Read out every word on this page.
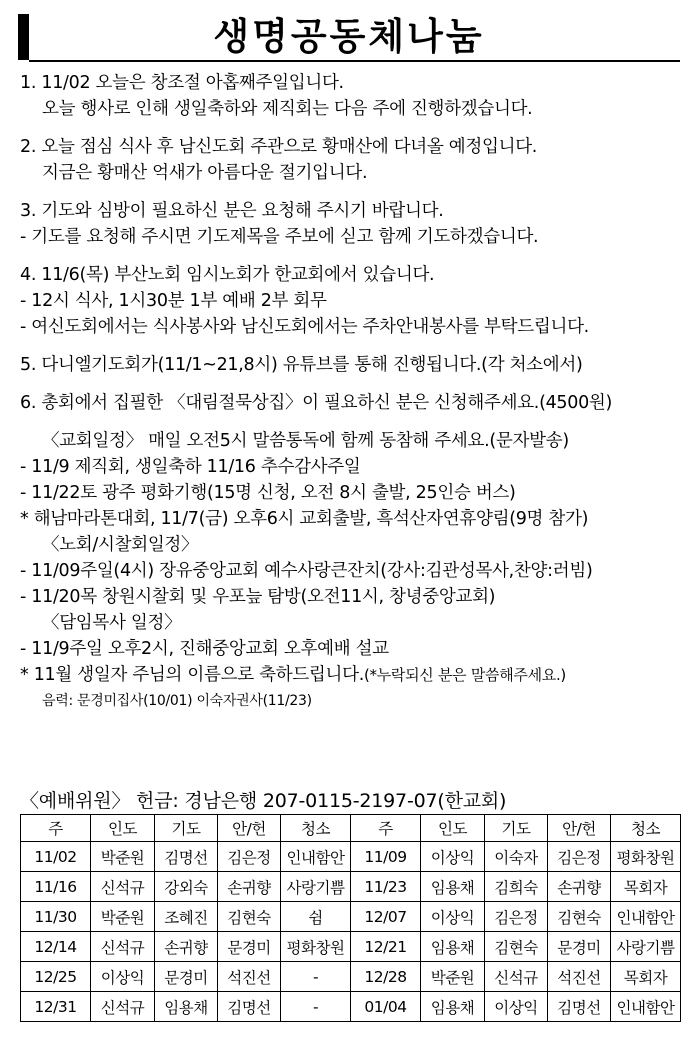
생명공동체나눔
1. 11/02 오늘은 창조절 아홉째주일입니다.
오늘 행사로 인해 생일축하와 제직회는 다음 주에 진행하겠습니다.
2. 오늘 점심 식사 후 남신도회 주관으로 황매산에 다녀올 예정입니다.
지금은 황매산 억새가 아름다운 절기입니다.
3. 기도와 심방이 필요하신 분은 요청해 주시기 바랍니다.
- 기도를 요청해 주시면 기도제목을 주보에 싣고 함께 기도하겠습니다.
4. 11/6(목) 부산노회 임시노회가 한교회에서 있습니다.
- 12시 식사, 1시30분 1부 예배 2부 회무
- 여신도회에서는 식사봉사와 남신도회에서는 주차안내봉사를 부탁드립니다.
5. 다니엘기도회가(11/1~21,8시) 유튜브를 통해 진행됩니다.(각 처소에서)
6. 총회에서 집필한 〈대림절묵상집〉이 필요하신 분은 신청해주세요.(4500원)
〈교회일정〉 매일 오전5시 말씀통독에 함께 동참해 주세요.(문자발송)
- 11/9 제직회, 생일축하 11/16 추수감사주일
- 11/22토 광주 평화기행(15명 신청, 오전 8시 출발, 25인승 버스)
* 해남마라톤대회, 11/7(금) 오후6시 교회출발, 흑석산자연휴양림(9명 참가)
〈노회/시찰회일정〉
- 11/09주일(4시) 장유중앙교회 예수사랑큰잔치(강사:김관성목사,찬양:러빔)
- 11/20목 창원시찰회 및 우포늪 탐방(오전11시, 창녕중앙교회)
〈담임목사 일정〉
- 11/9주일 오후2시, 진해중앙교회 오후예배 설교
* 11월 생일자 주님의 이름으로 축하드립니다.(*누락되신 분은 말씀해주세요.)
음력: 문경미집사(10/01) 이숙자권사(11/23)
〈예배위원〉 헌금: 경남은행 207-0115-2197-07(한교회)
주	인도	기도	안/헌	청소	주	인도	기도	안/헌	청소
11/02	박준원	김명선	김은정	인내함안	11/09	이상익	이숙자	김은정	평화창원
11/16	신석규	강외숙	손귀향	사랑기쁨	11/23	임용채	김희숙	손귀향	목회자
11/30	박준원	조혜진	김현숙	쉼	12/07	이상익	김은정	김현숙	인내함안
12/14	신석규	손귀향	문경미	평화창원	12/21	임용채	김현숙	문경미	사랑기쁨
12/25	이상익	문경미	석진선	-	12/28	박준원	신석규	석진선	목회자
12/31	신석규	임용채	김명선	-	01/04	임용채	이상익	김명선	인내함안
